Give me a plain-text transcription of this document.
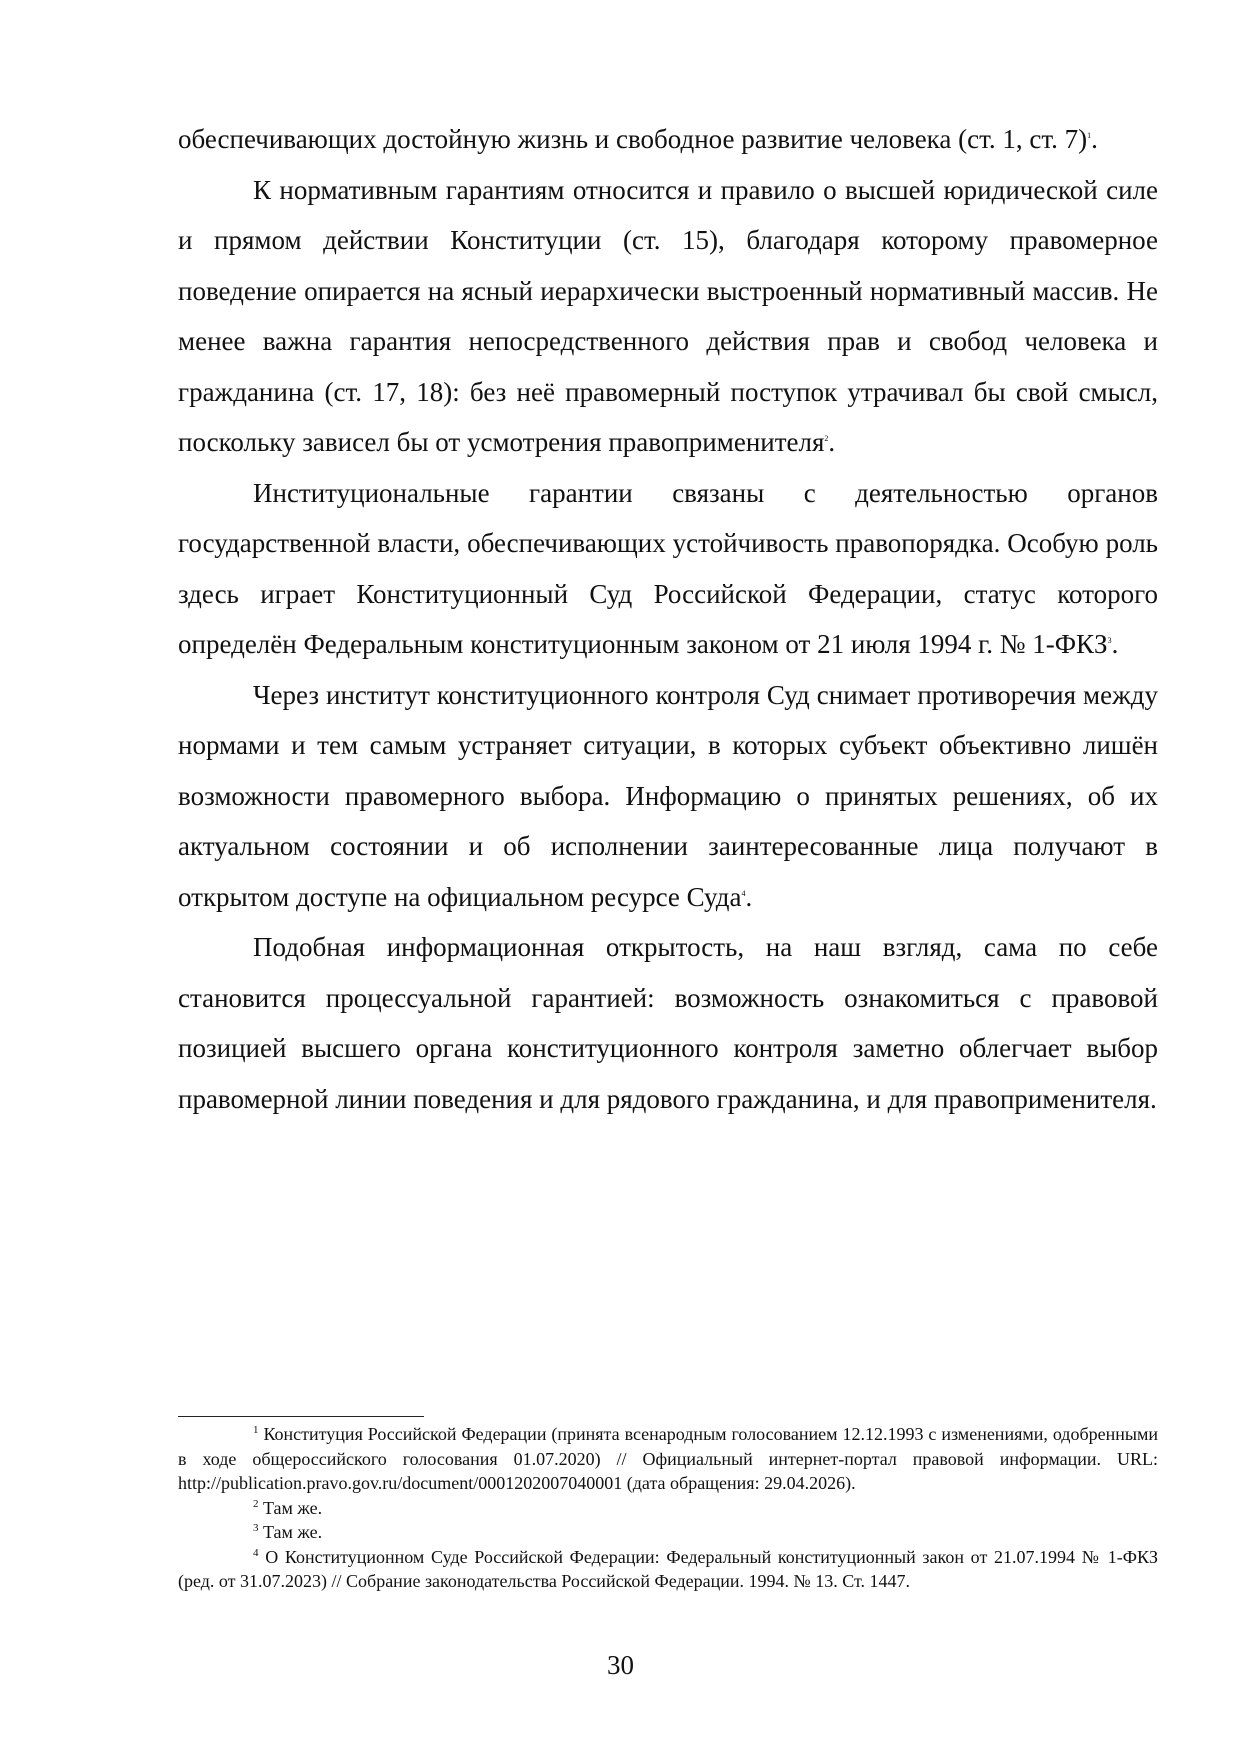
обеспечивающих достойную жизнь и свободное развитие человека (ст. 1, ст. 7)$^1$.

К нормативным гарантиям относится и правило о высшей юридической силе и прямом действии Конституции (ст. 15), благодаря которому правомерное поведение опирается на ясный иерархически выстроенный нормативный массив. Не менее важна гарантия непосредственного действия прав и свобод человека и гражданина (ст. 17, 18): без неё правомерный поступок утрачивал бы свой смысл, поскольку зависел бы от усмотрения правоприменителя$^2$.

Институциональные гарантии связаны с деятельностью органов государственной власти, обеспечивающих устойчивость правопорядка. Особую роль здесь играет Конституционный Суд Российской Федерации, статус которого определён Федеральным конституционным законом от 21 июля 1994 г. № 1-ФКЗ$^3$.

Через институт конституционного контроля Суд снимает противоречия между нормами и тем самым устраняет ситуации, в которых субъект объективно лишён возможности правомерного выбора. Информацию о принятых решениях, об их актуальном состоянии и об исполнении заинтересованные лица получают в открытом доступе на официальном ресурсе Суда$^4$.

Подобная информационная открытость, на наш взгляд, сама по себе становится процессуальной гарантией: возможность ознакомиться с правовой позицией высшего органа конституционного контроля заметно облегчает выбор правомерной линии поведения и для рядового гражданина, и для правоприменителя.

$^1$ Конституция Российской Федерации (принята всенародным голосованием 12.12.1993 с изменениями, одобренными в ходе общероссийского голосования 01.07.2020) // Официальный интернет-портал правовой информации. URL: http://publication.pravo.gov.ru/document/0001202007040001 (дата обращения: 29.04.2026).

$^2$ Там же.

$^3$ Там же.

$^4$ О Конституционном Суде Российской Федерации: Федеральный конституционный закон от 21.07.1994 № 1-ФКЗ (ред. от 31.07.2023) // Собрание законодательства Российской Федерации. 1994. № 13. Ст. 1447.

30
